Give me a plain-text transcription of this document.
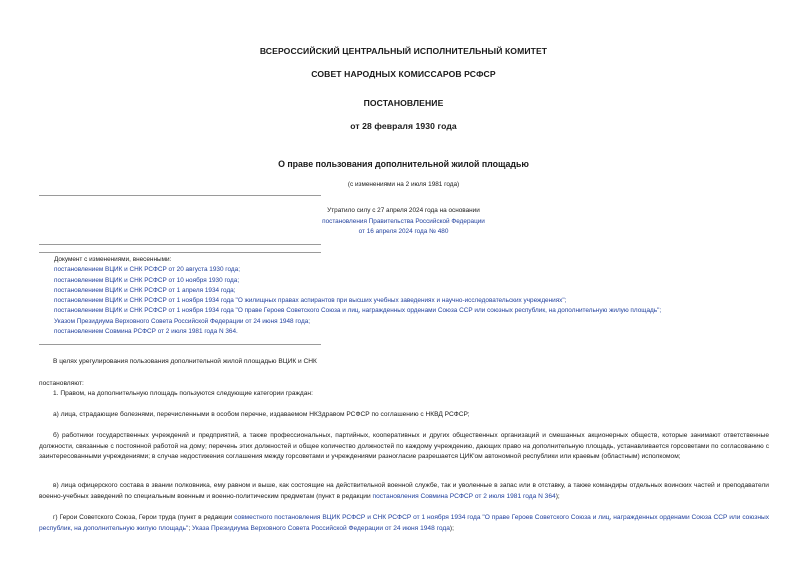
ВСЕРОССИЙСКИЙ ЦЕНТРАЛЬНЫЙ ИСПОЛНИТЕЛЬНЫЙ КОМИТЕТ
СОВЕТ НАРОДНЫХ КОМИССАРОВ РСФСР
ПОСТАНОВЛЕНИЕ
от 28 февраля 1930 года
О праве пользования дополнительной жилой площадью
(с изменениями на 2 июля 1981 года)
Утратило силу с 27 апреля 2024 года на основании
постановления Правительства Российской Федерации
от 16 апреля 2024 года № 480
Документ с изменениями, внесенными:
постановлением ВЦИК и СНК РСФСР от 20 августа 1930 года;
постановлением ВЦИК и СНК РСФСР от 10 ноября 1930 года;
постановлением ВЦИК и СНК РСФСР от 1 апреля 1934 года;
постановлением ВЦИК и СНК РСФСР от 1 ноября 1934 года "О жилищных правах аспирантов при высших учебных заведениях и научно-исследовательских учреждениях";
постановлением ВЦИК и СНК РСФСР от 1 ноября 1934 года "О праве Героев Советского Союза и лиц, награжденных орденами Союза ССР или союзных республик, на дополнительную жилую площадь";
Указом Президиума Верховного Совета Российской Федерации от 24 июня 1948 года;
постановлением Совмина РСФСР от 2 июля 1981 года N 364.
В целях урегулирования пользования дополнительной жилой площадью ВЦИК и СНК
постановляют:
1. Правом, на дополнительную площадь пользуются следующие категории граждан:
а) лица, страдающие болезнями, перечисленными в особом перечне, издаваемом НКЗдравом РСФСР по соглашению с НКВД РСФСР;
б) работники государственных учреждений и предприятий, а также профессиональных, партийных, кооперативных и других общественных организаций и смешанных акционерных обществ, которые занимают ответственные должности, связанные с постоянной работой на дому; перечень этих должностей и общее количество должностей по каждому учреждению, дающих право на дополнительную площадь, устанавливается горсоветами по согласованию с заинтересованными учреждениями; в случае недостижения соглашения между горсоветами и учреждениями разногласие разрешается ЦИК'ом автономной республики или краевым (областным) исполкомом;
в) лица офицерского состава в звании полковника, ему равном и выше, как состоящие на действительной военной службе, так и уволенные в запас или в отставку, а также командиры отдельных воинских частей и преподаватели военно-учебных заведений по специальным военным и военно-политическим предметам (пункт в редакции постановления Совмина РСФСР от 2 июля 1981 года N 364);
г) Герои Советского Союза, Герои труда (пункт в редакции совместного постановления ВЦИК РСФСР и СНК РСФСР от 1 ноября 1934 года "О праве Героев Советского Союза и лиц, награжденных орденами Союза ССР или союзных республик, на дополнительную жилую площадь"; Указа Президиума Верховного Совета Российской Федерации от 24 июня 1948 года);
